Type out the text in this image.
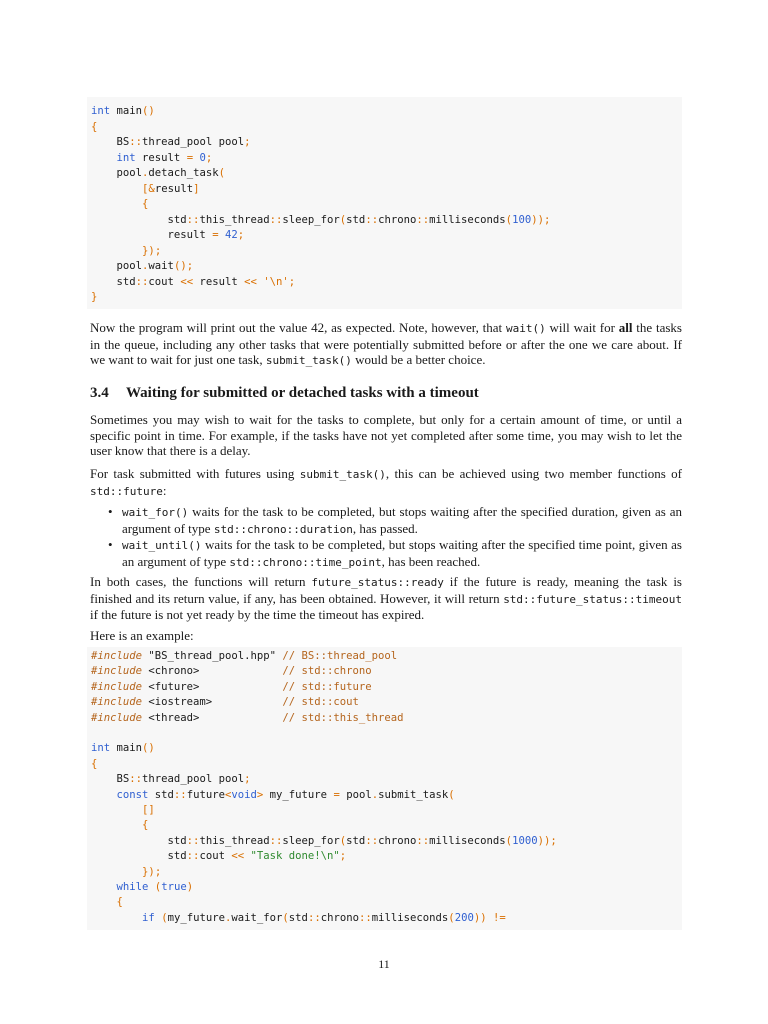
int main()
{
BS::thread_pool pool;
int result = 0;
pool.detach_task(
[&result]
{
std::this_thread::sleep_for(std::chrono::milliseconds(100));
result = 42;
});
pool.wait();
std::cout << result << '\n';
}
Now the program will print out the value 42, as expected. Note, however, that wait() will wait for all the tasks in the queue, including any other tasks that were potentially submitted before or after the one we care about. If we want to wait for just one task, submit_task() would be a better choice.
3.4 Waiting for submitted or detached tasks with a timeout
Sometimes you may wish to wait for the tasks to complete, but only for a certain amount of time, or until a specific point in time. For example, if the tasks have not yet completed after some time, you may wish to let the user know that there is a delay.
For task submitted with futures using submit_task(), this can be achieved using two member functions of std::future:
• wait_for() waits for the task to be completed, but stops waiting after the specified duration, given as an argument of type std::chrono::duration, has passed.
• wait_until() waits for the task to be completed, but stops waiting after the specified time point, given as an argument of type std::chrono::time_point, has been reached.
In both cases, the functions will return future_status::ready if the future is ready, meaning the task is finished and its return value, if any, has been obtained. However, it will return std::future_status::timeout if the future is not yet ready by the time the timeout has expired.
Here is an example:
#include "BS_thread_pool.hpp" // BS::thread_pool
#include <chrono>             // std::chrono
#include <future>             // std::future
#include <iostream>           // std::cout
#include <thread>             // std::this_thread
int main()
{
BS::thread_pool pool;
const std::future<void> my_future = pool.submit_task(
[]
{
std::this_thread::sleep_for(std::chrono::milliseconds(1000));
std::cout << "Task done!\n";
});
while (true)
{
if (my_future.wait_for(std::chrono::milliseconds(200)) !=
11
